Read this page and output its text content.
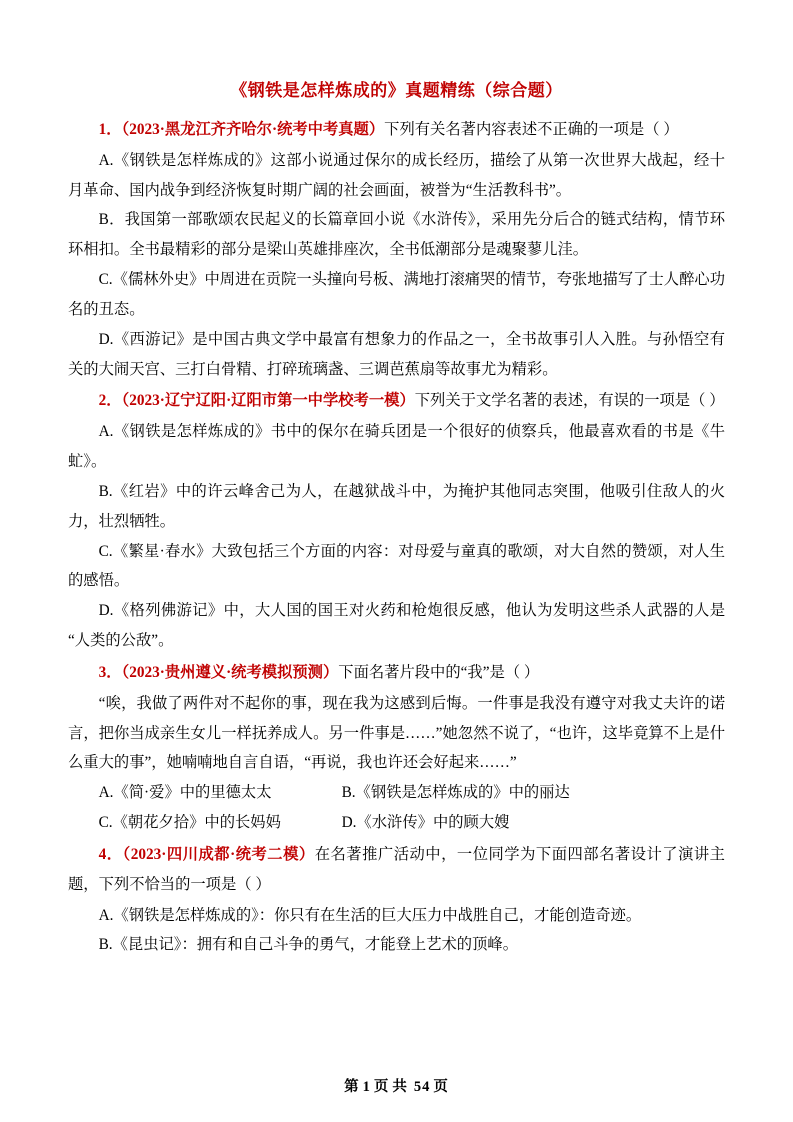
《钢铁是怎样炼成的》真题精练（综合题）

1．（2023·黑龙江齐齐哈尔·统考中考真题）下列有关名著内容表述不正确的一项是（ ）

A.《钢铁是怎样炼成的》这部小说通过保尔的成长经历，描绘了从第一次世界大战起，经十月革命、国内战争到经济恢复时期广阔的社会画面，被誉为“生活教科书”。

B．我国第一部歌颂农民起义的长篇章回小说《水浒传》，采用先分后合的链式结构，情节环环相扣。全书最精彩的部分是梁山英雄排座次，全书低潮部分是魂聚蓼儿洼。

C.《儒林外史》中周进在贡院一头撞向号板、满地打滚痛哭的情节，夸张地描写了士人醉心功名的丑态。

D.《西游记》是中国古典文学中最富有想象力的作品之一，全书故事引人入胜。与孙悟空有关的大闹天宫、三打白骨精、打碎琉璃盏、三调芭蕉扇等故事尤为精彩。

2．（2023·辽宁辽阳·辽阳市第一中学校考一模）下列关于文学名著的表述，有误的一项是（ ）

A.《钢铁是怎样炼成的》书中的保尔在骑兵团是一个很好的侦察兵，他最喜欢看的书是《牛虻》。

B.《红岩》中的许云峰舍己为人，在越狱战斗中，为掩护其他同志突围，他吸引住敌人的火力，壮烈牺牲。

C.《繁星·春水》大致包括三个方面的内容：对母爱与童真的歌颂，对大自然的赞颂，对人生的感悟。

D.《格列佛游记》中，大人国的国王对火药和枪炮很反感，他认为发明这些杀人武器的人是“人类的公敌”。

3．（2023·贵州遵义·统考模拟预测）下面名著片段中的“我”是（ ）

“唉，我做了两件对不起你的事，现在我为这感到后悔。一件事是我没有遵守对我丈夫许的诺言，把你当成亲生女儿一样抚养成人。另一件事是……”她忽然不说了，“也许，这毕竟算不上是什么重大的事”，她喃喃地自言自语，“再说，我也许还会好起来……”

A.《简·爱》中的里德太太	B.《钢铁是怎样炼成的》中的丽达
C.《朝花夕拾》中的长妈妈	D.《水浒传》中的顾大嫂

4．（2023·四川成都·统考二模）在名著推广活动中，一位同学为下面四部名著设计了演讲主题，下列不恰当的一项是（ ）

A.《钢铁是怎样炼成的》：你只有在生活的巨大压力中战胜自己，才能创造奇迹。

B.《昆虫记》：拥有和自己斗争的勇气，才能登上艺术的顶峰。

第 1 页 共 54 页
